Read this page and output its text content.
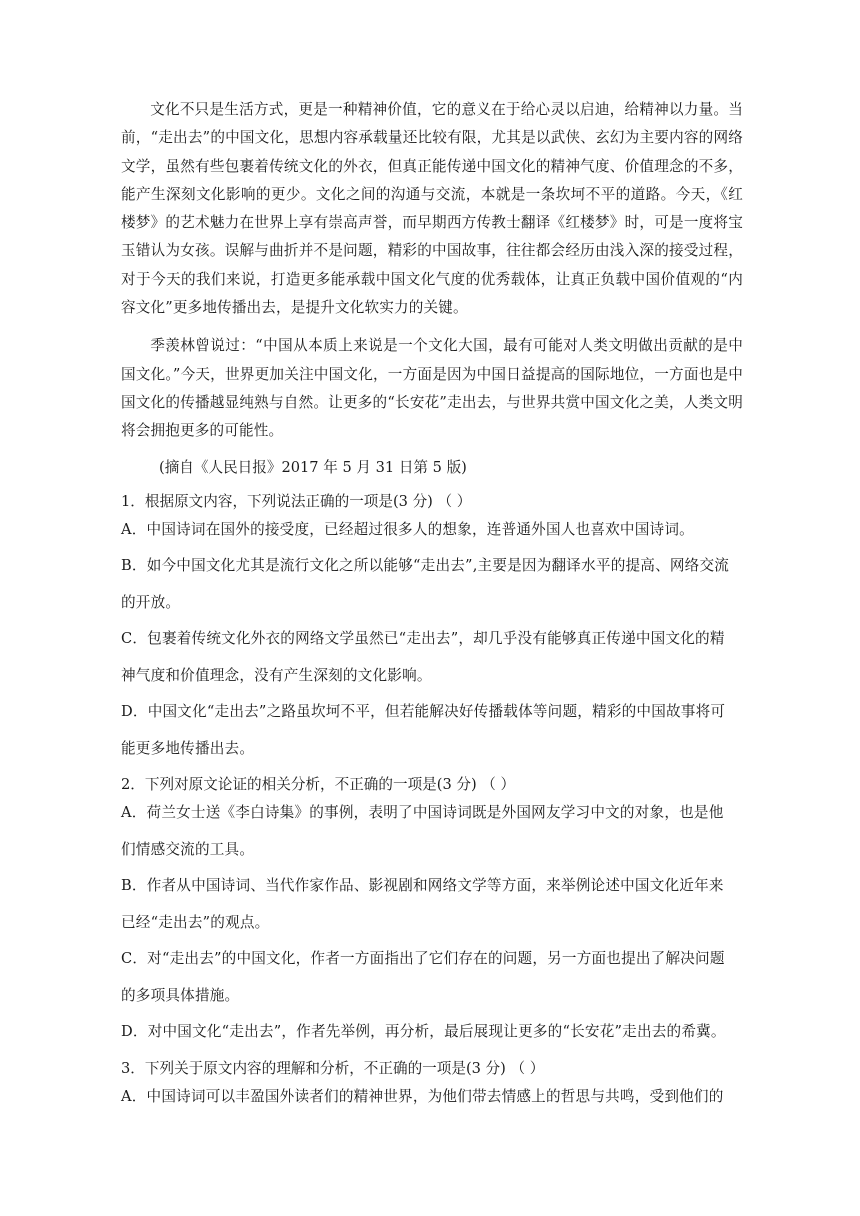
文化不只是生活方式，更是一种精神价值，它的意义在于给心灵以启迪，给精神以力量。当前，“走出去”的中国文化，思想内容承载量还比较有限，尤其是以武侠、玄幻为主要内容的网络文学，虽然有些包裹着传统文化的外衣，但真正能传递中国文化的精神气度、价值理念的不多，能产生深刻文化影响的更少。文化之间的沟通与交流，本就是一条坎坷不平的道路。今天，《红楼梦》的艺术魅力在世界上享有崇高声誉，而早期西方传教士翻译《红楼梦》时，可是一度将宝玉错认为女孩。误解与曲折并不是问题，精彩的中国故事，往往都会经历由浅入深的接受过程，对于今天的我们来说，打造更多能承载中国文化气度的优秀载体，让真正负载中国价值观的“内容文化”更多地传播出去，是提升文化软实力的关键。

季羡林曾说过：“中国从本质上来说是一个文化大国，最有可能对人类文明做出贡献的是中国文化。”今天，世界更加关注中国文化，一方面是因为中国日益提高的国际地位，一方面也是中国文化的传播越显纯熟与自然。让更多的“长安花”走出去，与世界共赏中国文化之美，人类文明将会拥抱更多的可能性。

(摘自《人民日报》2017 年 5 月 31 日第 5 版)

1．根据原文内容，下列说法正确的一项是(3 分) （ ）

A．中国诗词在国外的接受度，已经超过很多人的想象，连普通外国人也喜欢中国诗词。

B．如今中国文化尤其是流行文化之所以能够“走出去”,主要是因为翻译水平的提高、网络交流

的开放。

C．包裹着传统文化外衣的网络文学虽然已“走出去”，却几乎没有能够真正传递中国文化的精

神气度和价值理念，没有产生深刻的文化影响。

D．中国文化“走出去”之路虽坎坷不平，但若能解决好传播载体等问题，精彩的中国故事将可

能更多地传播出去。

2．下列对原文论证的相关分析，不正确的一项是(3 分) （ ）

A．荷兰女士送《李白诗集》的事例，表明了中国诗词既是外国网友学习中文的对象，也是他

们情感交流的工具。

B．作者从中国诗词、当代作家作品、影视剧和网络文学等方面，来举例论述中国文化近年来

已经“走出去”的观点。

C．对“走出去”的中国文化，作者一方面指出了它们存在的问题，另一方面也提出了解决问题

的多项具体措施。

D．对中国文化“走出去”，作者先举例，再分析，最后展现让更多的“长安花”走出去的希冀。

3．下列关于原文内容的理解和分析，不正确的一项是(3 分) （ ）

A．中国诗词可以丰盈国外读者们的精神世界，为他们带去情感上的哲思与共鸣，受到他们的
